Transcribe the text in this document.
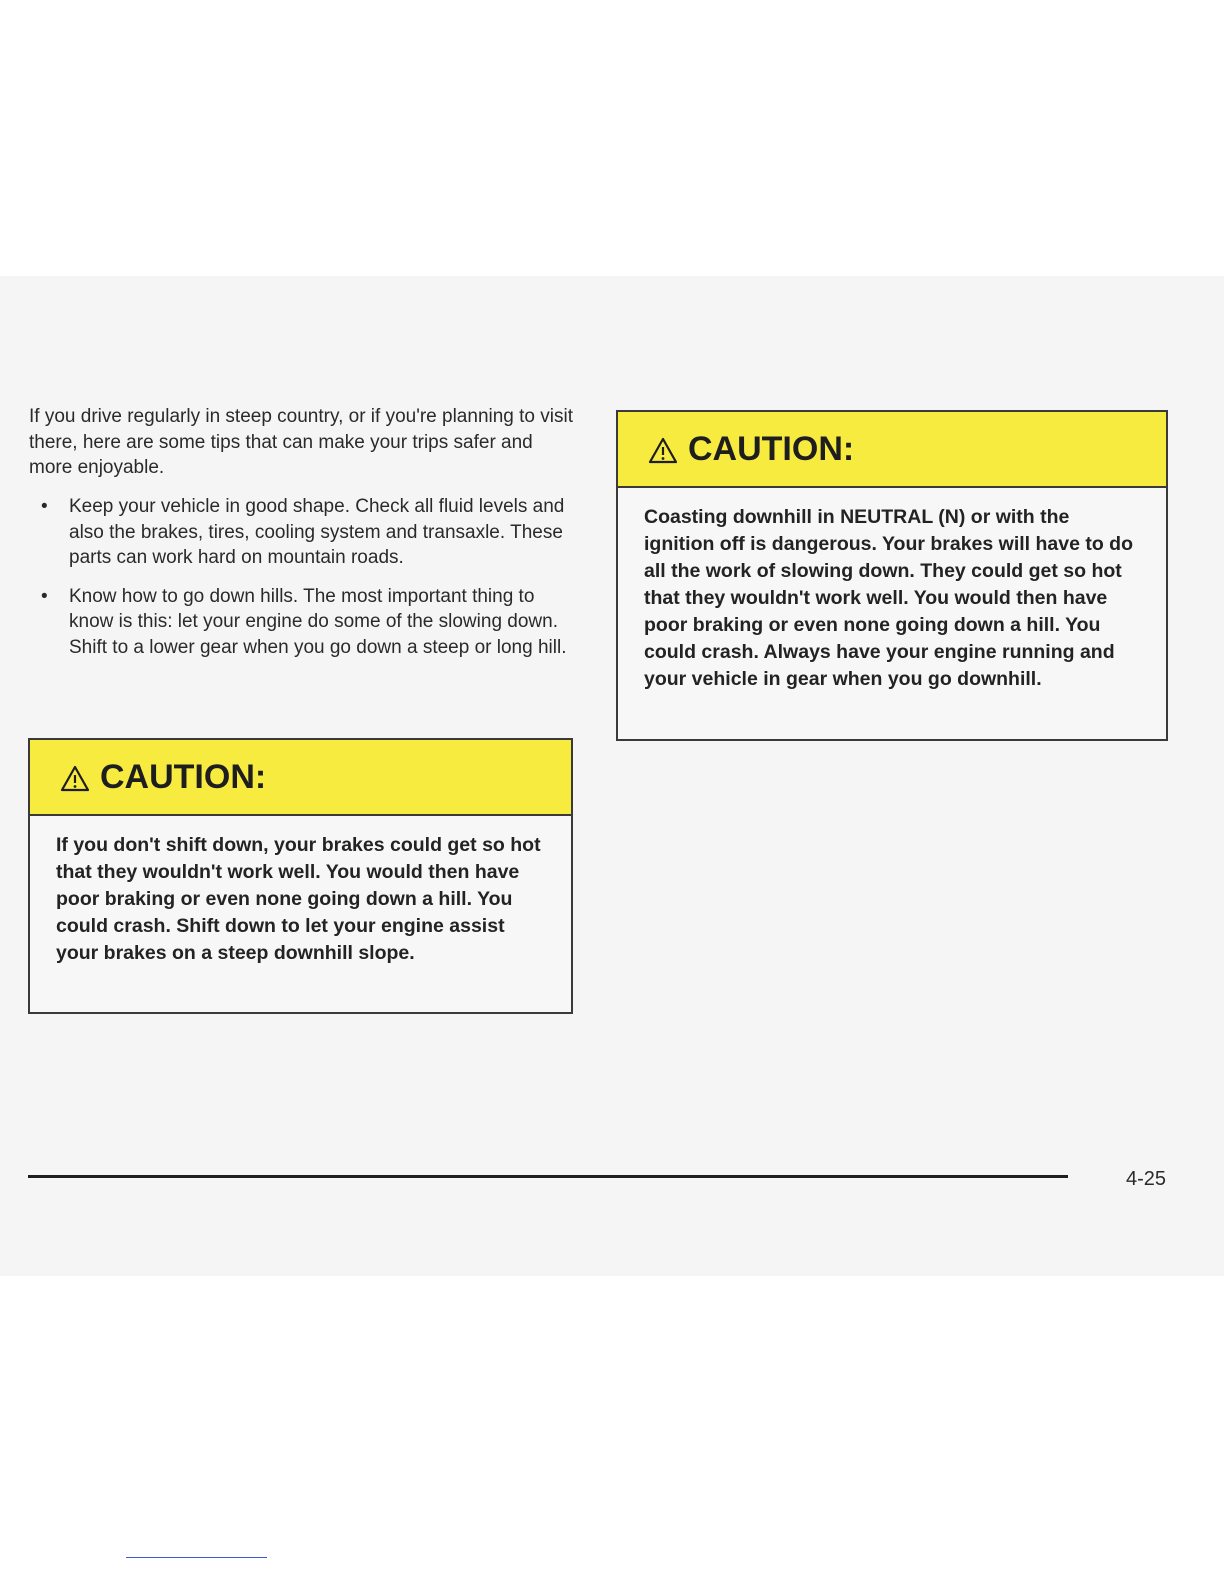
If you drive regularly in steep country, or if you're planning to visit there, here are some tips that can make your trips safer and more enjoyable.

• Keep your vehicle in good shape. Check all fluid levels and also the brakes, tires, cooling system and transaxle. These parts can work hard on mountain roads.
• Know how to go down hills. The most important thing to know is this: let your engine do some of the slowing down. Shift to a lower gear when you go down a steep or long hill.
CAUTION:

If you don't shift down, your brakes could get so hot that they wouldn't work well. You would then have poor braking or even none going down a hill. You could crash. Shift down to let your engine assist your brakes on a steep downhill slope.

CAUTION:

Coasting downhill in NEUTRAL (N) or with the ignition off is dangerous. Your brakes will have to do all the work of slowing down. They could get so hot that they wouldn't work well. You would then have poor braking or even none going down a hill. You could crash. Always have your engine running and your vehicle in gear when you go downhill.

4-25
